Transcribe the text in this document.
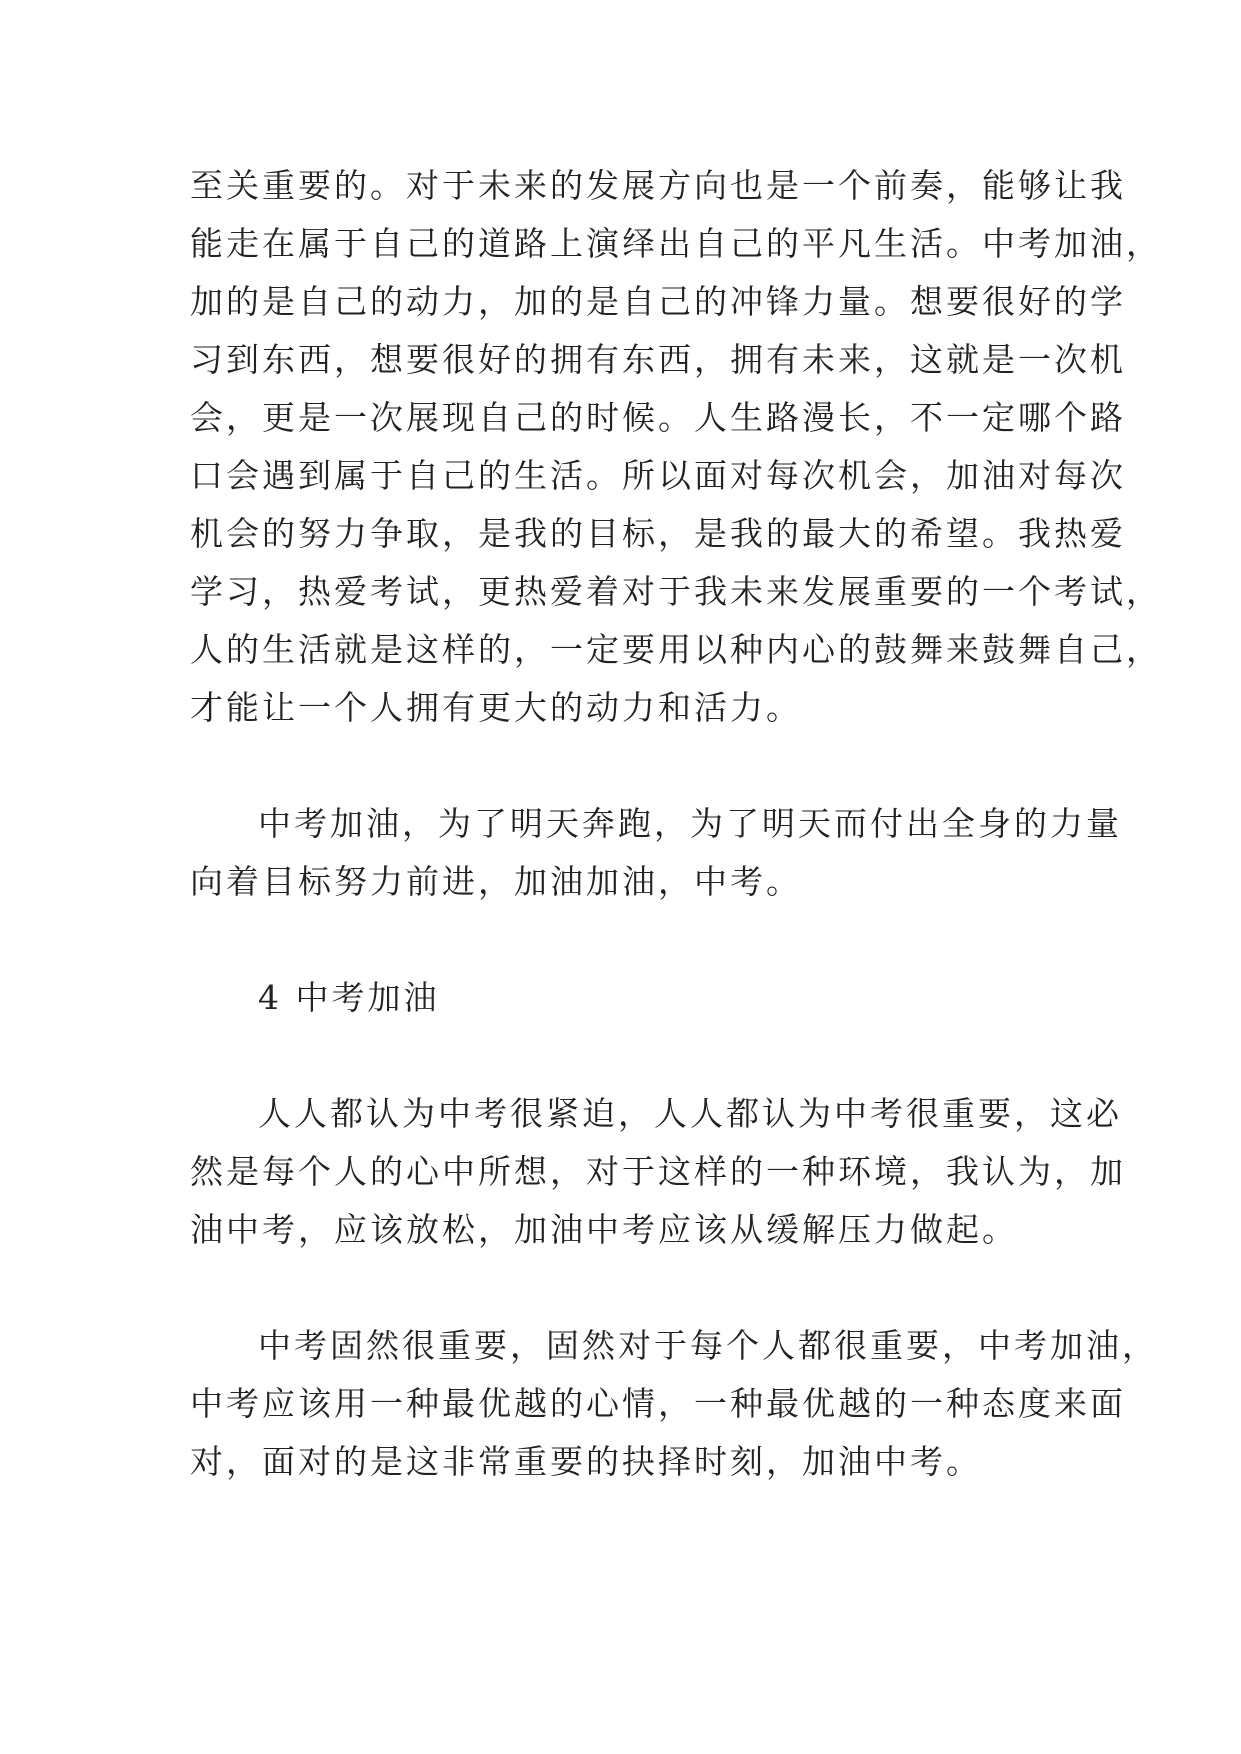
至关重要的。对于未来的发展方向也是一个前奏，能够让我
能走在属于自己的道路上演绎出自己的平凡生活。中考加油，
加的是自己的动力，加的是自己的冲锋力量。想要很好的学
习到东西，想要很好的拥有东西，拥有未来，这就是一次机
会，更是一次展现自己的时候。人生路漫长，不一定哪个路
口会遇到属于自己的生活。所以面对每次机会，加油对每次
机会的努力争取，是我的目标，是我的最大的希望。我热爱
学习，热爱考试，更热爱着对于我未来发展重要的一个考试，
人的生活就是这样的，一定要用以种内心的鼓舞来鼓舞自己，
才能让一个人拥有更大的动力和活力。
中考加油，为了明天奔跑，为了明天而付出全身的力量
向着目标努力前进，加油加油，中考。
4 中考加油
人人都认为中考很紧迫，人人都认为中考很重要，这必
然是每个人的心中所想，对于这样的一种环境，我认为，加
油中考，应该放松，加油中考应该从缓解压力做起。
中考固然很重要，固然对于每个人都很重要，中考加油，
中考应该用一种最优越的心情，一种最优越的一种态度来面
对，面对的是这非常重要的抉择时刻，加油中考。
